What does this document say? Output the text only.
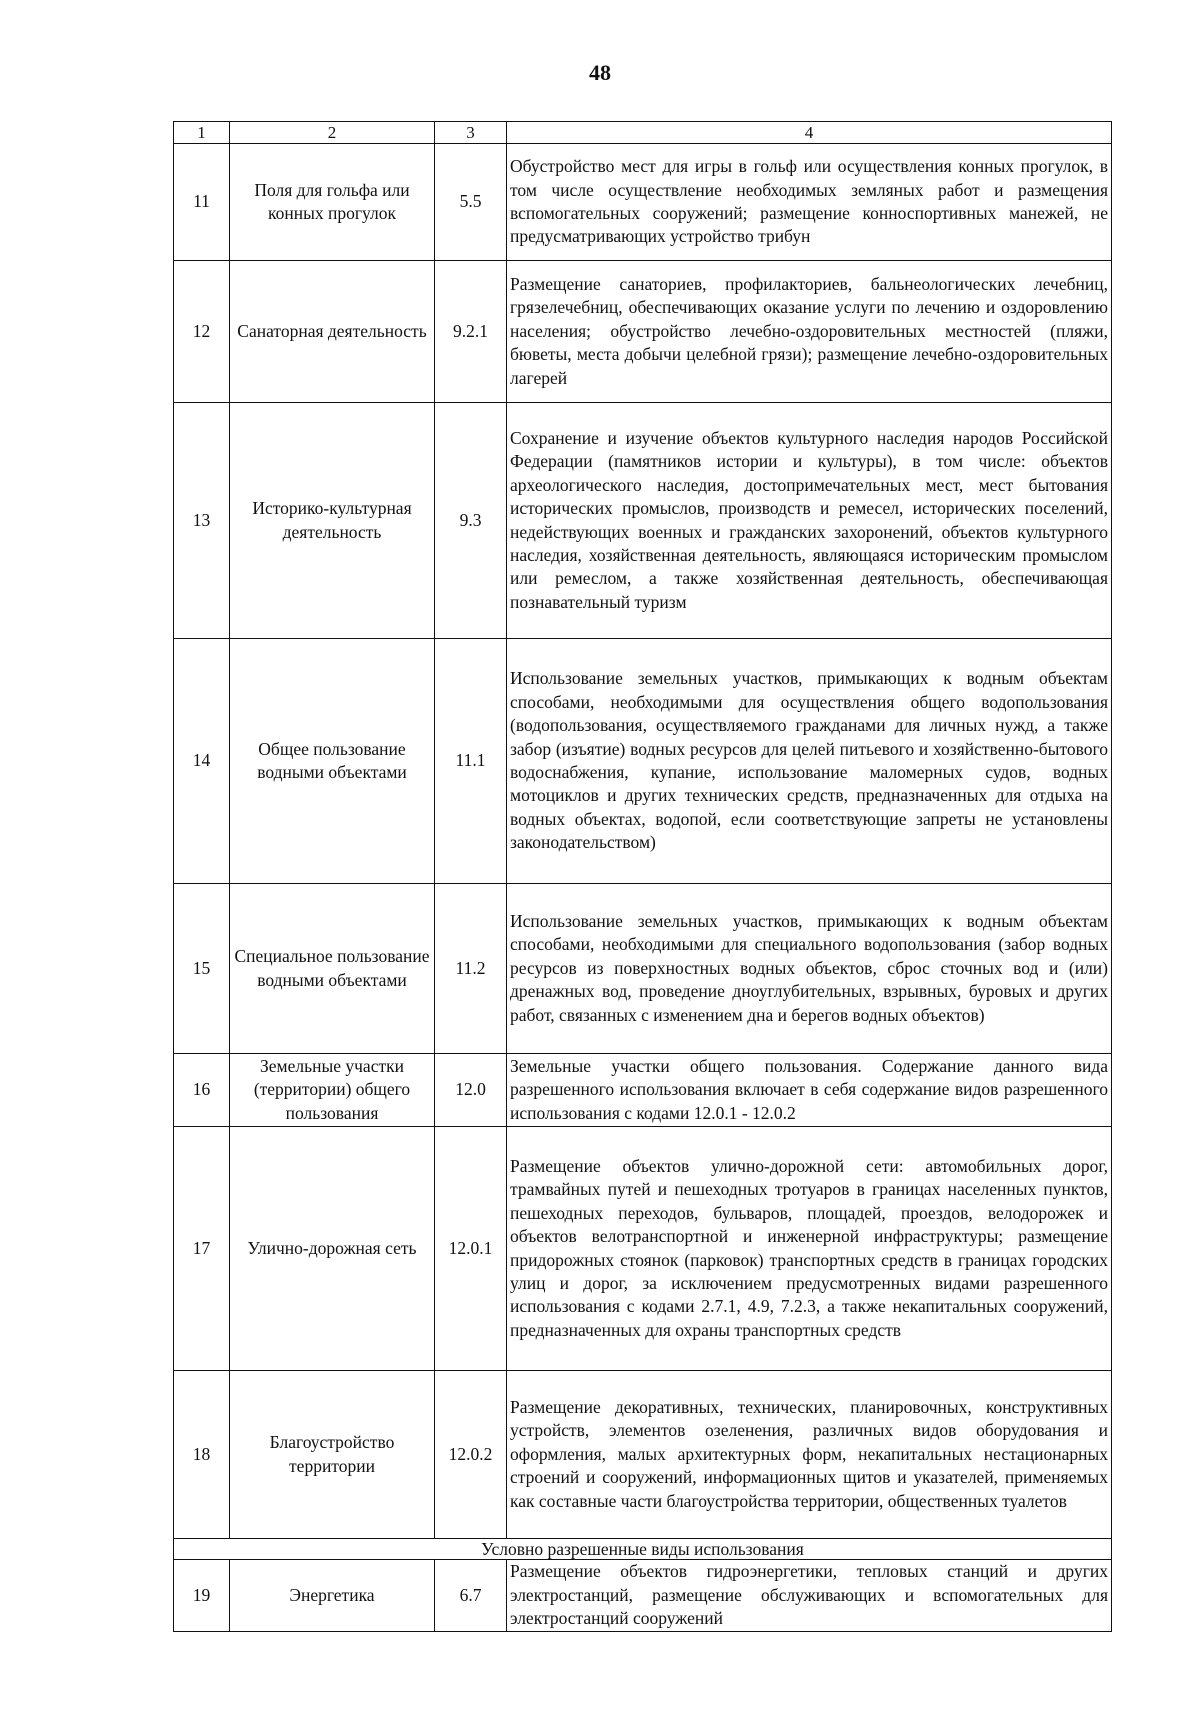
48
1	2	3	4
11	Поля для гольфа или конных прогулок	5.5	Обустройство мест для игры в гольф или осуществления конных прогулок, в том числе осуществление необходимых земляных работ и размещения вспомогательных сооружений; размещение конноспортивных манежей, не предусматривающих устройство трибун
12	Санаторная деятельность	9.2.1	Размещение санаториев, профилакториев, бальнеологических лечебниц, грязелечебниц, обеспечивающих оказание услуги по лечению и оздоровлению населения; обустройство лечебно-оздоровительных местностей (пляжи, бюветы, места добычи целебной грязи); размещение лечебно-оздоровительных лагерей
13	Историко-культурная деятельность	9.3	Сохранение и изучение объектов культурного наследия народов Российской Федерации (памятников истории и культуры), в том числе: объектов археологического наследия, достопримечательных мест, мест бытования исторических промыслов, производств и ремесел, исторических поселений, недействующих военных и гражданских захоронений, объектов культурного наследия, хозяйственная деятельность, являющаяся историческим промыслом или ремеслом, а также хозяйственная деятельность, обеспечивающая познавательный туризм
14	Общее пользование водными объектами	11.1	Использование земельных участков, примыкающих к водным объектам способами, необходимыми для осуществления общего водопользования (водопользования, осуществляемого гражданами для личных нужд, а также забор (изъятие) водных ресурсов для целей питьевого и хозяйственно-бытового водоснабжения, купание, использование маломерных судов, водных мотоциклов и других технических средств, предназначенных для отдыха на водных объектах, водопой, если соответствующие запреты не установлены законодательством)
15	Специальное пользование водными объектами	11.2	Использование земельных участков, примыкающих к водным объектам способами, необходимыми для специального водопользования (забор водных ресурсов из поверхностных водных объектов, сброс сточных вод и (или) дренажных вод, проведение дноуглубительных, взрывных, буровых и других работ, связанных с изменением дна и берегов водных объектов)
16	Земельные участки (территории) общего пользования	12.0	Земельные участки общего пользования. Содержание данного вида разрешенного использования включает в себя содержание видов разрешенного использования с кодами 12.0.1 - 12.0.2
17	Улично-дорожная сеть	12.0.1	Размещение объектов улично-дорожной сети: автомобильных дорог, трамвайных путей и пешеходных тротуаров в границах населенных пунктов, пешеходных переходов, бульваров, площадей, проездов, велодорожек и объектов велотранспортной и инженерной инфраструктуры; размещение придорожных стоянок (парковок) транспортных средств в границах городских улиц и дорог, за исключением предусмотренных видами разрешенного использования с кодами 2.7.1, 4.9, 7.2.3, а также некапитальных сооружений, предназначенных для охраны транспортных средств
18	Благоустройство территории	12.0.2	Размещение декоративных, технических, планировочных, конструктивных устройств, элементов озеленения, различных видов оборудования и оформления, малых архитектурных форм, некапитальных нестационарных строений и сооружений, информационных щитов и указателей, применяемых как составные части благоустройства территории, общественных туалетов
Условно разрешенные виды использования			
19	Энергетика	6.7	Размещение объектов гидроэнергетики, тепловых станций и других электростанций, размещение обслуживающих и вспомогательных для электростанций сооружений
